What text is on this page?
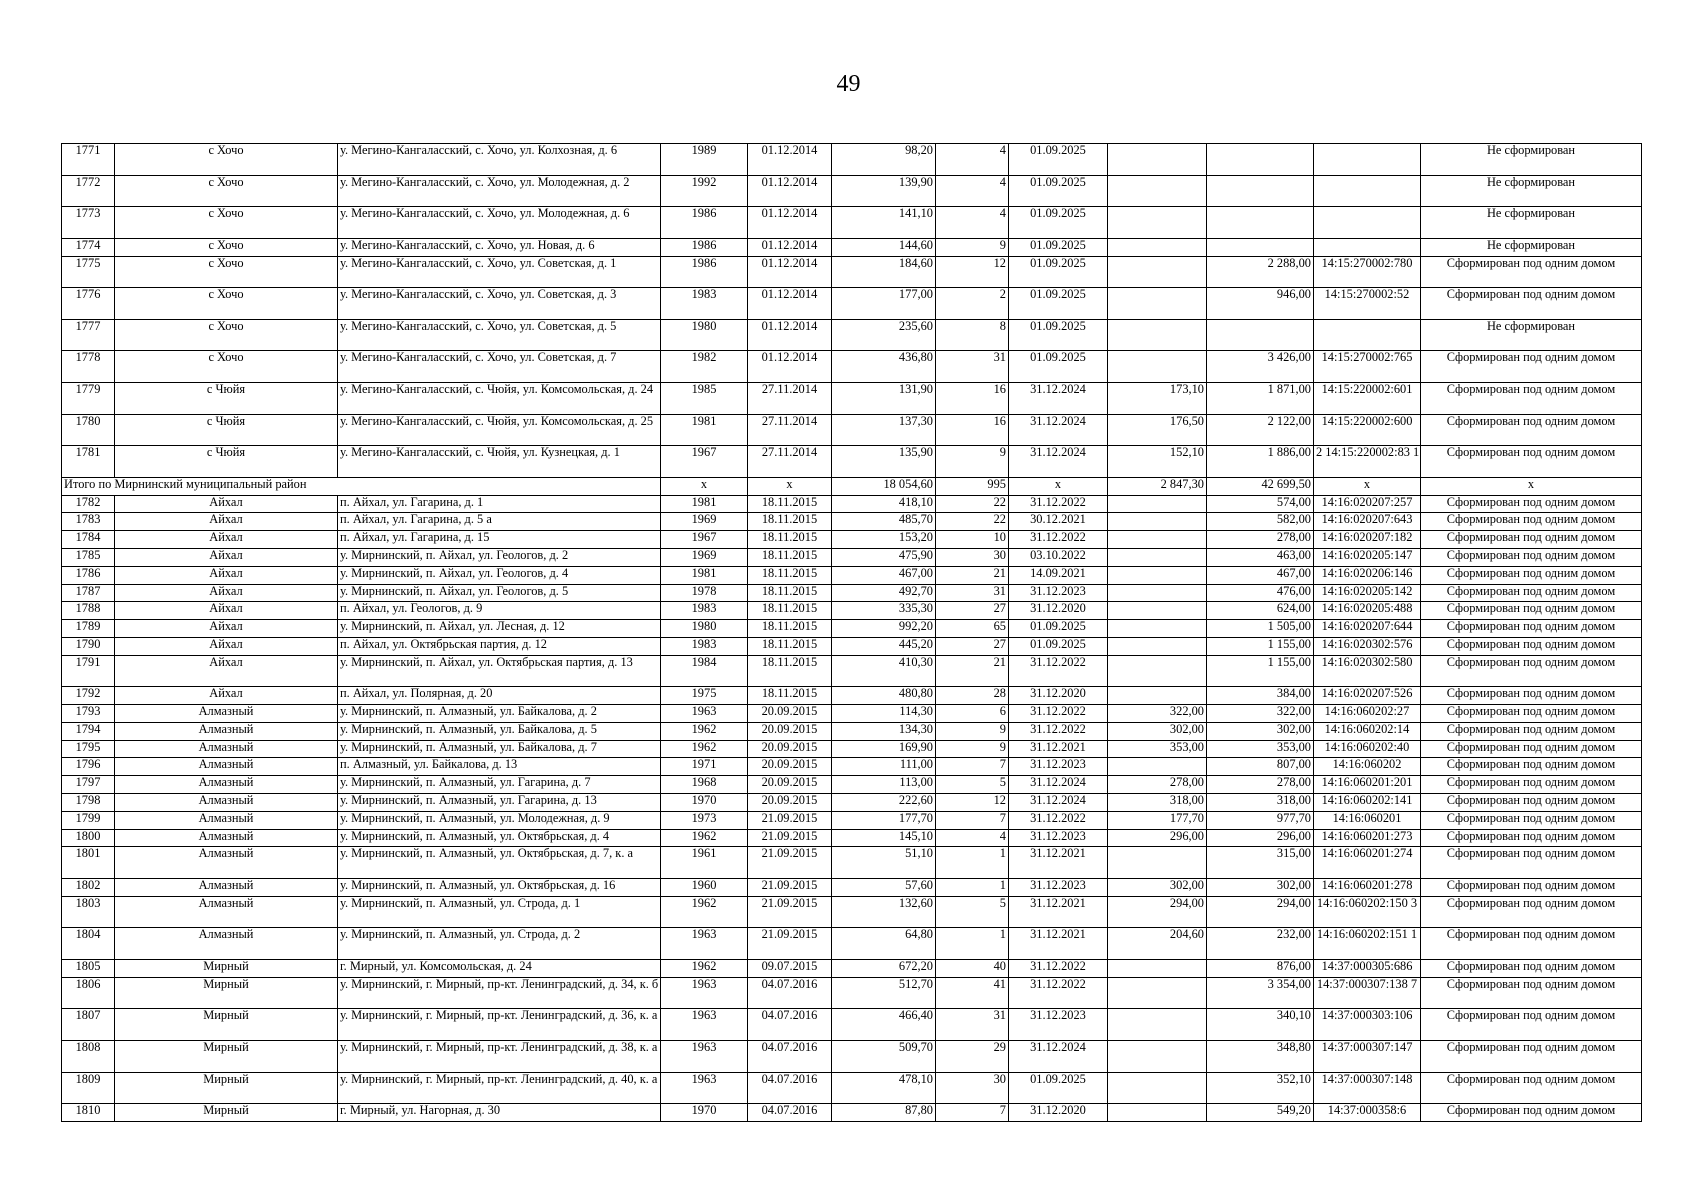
49
1771	с Хочо	у. Мегино-Кангаласский, с. Хочо, ул. Колхозная, д. 6	1989	01.12.2014	98,20	4	01.09.2025				Не сформирован
1772	с Хочо	у. Мегино-Кангаласский, с. Хочо, ул. Молодежная, д. 2	1992	01.12.2014	139,90	4	01.09.2025				Не сформирован
1773	с Хочо	у. Мегино-Кангаласский, с. Хочо, ул. Молодежная, д. 6	1986	01.12.2014	141,10	4	01.09.2025				Не сформирован
1774	с Хочо	у. Мегино-Кангаласский, с. Хочо, ул. Новая, д. 6	1986	01.12.2014	144,60	9	01.09.2025				Не сформирован
1775	с Хочо	у. Мегино-Кангаласский, с. Хочо, ул. Советская, д. 1	1986	01.12.2014	184,60	12	01.09.2025		2 288,00	14:15:270002:780	Сформирован под одним домом
1776	с Хочо	у. Мегино-Кангаласский, с. Хочо, ул. Советская, д. 3	1983	01.12.2014	177,00	2	01.09.2025		946,00	14:15:270002:52	Сформирован под одним домом
1777	с Хочо	у. Мегино-Кангаласский, с. Хочо, ул. Советская, д. 5	1980	01.12.2014	235,60	8	01.09.2025				Не сформирован
1778	с Хочо	у. Мегино-Кангаласский, с. Хочо, ул. Советская, д. 7	1982	01.12.2014	436,80	31	01.09.2025		3 426,00	14:15:270002:765	Сформирован под одним домом
1779	с Чюйя	у. Мегино-Кангаласский, с. Чюйя, ул. Комсомольская, д. 24	1985	27.11.2014	131,90	16	31.12.2024	173,10	1 871,00	14:15:220002:601	Сформирован под одним домом
1780	с Чюйя	у. Мегино-Кангаласский, с. Чюйя, ул. Комсомольская, д. 25	1981	27.11.2014	137,30	16	31.12.2024	176,50	2 122,00	14:15:220002:600	Сформирован под одним домом
1781	с Чюйя	у. Мегино-Кангаласский, с. Чюйя, ул. Кузнецкая, д. 1	1967	27.11.2014	135,90	9	31.12.2024	152,10	1 886,00	2 14:15:220002:83 1	Сформирован под одним домом
Итого по Мирнинский муниципальный район			х	х	18 054,60	995	х	2 847,30	42 699,50	х	х
1782	Айхал	п. Айхал, ул. Гагарина, д. 1	1981	18.11.2015	418,10	22	31.12.2022		574,00	14:16:020207:257	Сформирован под одним домом
1783	Айхал	п. Айхал, ул. Гагарина, д. 5 а	1969	18.11.2015	485,70	22	30.12.2021		582,00	14:16:020207:643	Сформирован под одним домом
1784	Айхал	п. Айхал, ул. Гагарина, д. 15	1967	18.11.2015	153,20	10	31.12.2022		278,00	14:16:020207:182	Сформирован под одним домом
1785	Айхал	у. Мирнинский, п. Айхал, ул. Геологов, д. 2	1969	18.11.2015	475,90	30	03.10.2022		463,00	14:16:020205:147	Сформирован под одним домом
1786	Айхал	у. Мирнинский, п. Айхал, ул. Геологов, д. 4	1981	18.11.2015	467,00	21	14.09.2021		467,00	14:16:020206:146	Сформирован под одним домом
1787	Айхал	у. Мирнинский, п. Айхал, ул. Геологов, д. 5	1978	18.11.2015	492,70	31	31.12.2023		476,00	14:16:020205:142	Сформирован под одним домом
1788	Айхал	п. Айхал, ул. Геологов, д. 9	1983	18.11.2015	335,30	27	31.12.2020		624,00	14:16:020205:488	Сформирован под одним домом
1789	Айхал	у. Мирнинский, п. Айхал, ул. Лесная, д. 12	1980	18.11.2015	992,20	65	01.09.2025		1 505,00	14:16:020207:644	Сформирован под одним домом
1790	Айхал	п. Айхал, ул. Октябрьская партия, д. 12	1983	18.11.2015	445,20	27	01.09.2025		1 155,00	14:16:020302:576	Сформирован под одним домом
1791	Айхал	у. Мирнинский, п. Айхал, ул. Октябрьская партия, д. 13	1984	18.11.2015	410,30	21	31.12.2022		1 155,00	14:16:020302:580	Сформирован под одним домом
1792	Айхал	п. Айхал, ул. Полярная, д. 20	1975	18.11.2015	480,80	28	31.12.2020		384,00	14:16:020207:526	Сформирован под одним домом
1793	Алмазный	у. Мирнинский, п. Алмазный, ул. Байкалова, д. 2	1963	20.09.2015	114,30	6	31.12.2022	322,00	322,00	14:16:060202:27	Сформирован под одним домом
1794	Алмазный	у. Мирнинский, п. Алмазный, ул. Байкалова, д. 5	1962	20.09.2015	134,30	9	31.12.2022	302,00	302,00	14:16:060202:14	Сформирован под одним домом
1795	Алмазный	у. Мирнинский, п. Алмазный, ул. Байкалова, д. 7	1962	20.09.2015	169,90	9	31.12.2021	353,00	353,00	14:16:060202:40	Сформирован под одним домом
1796	Алмазный	п. Алмазный, ул. Байкалова, д. 13	1971	20.09.2015	111,00	7	31.12.2023		807,00	14:16:060202	Сформирован под одним домом
1797	Алмазный	у. Мирнинский, п. Алмазный, ул. Гагарина, д. 7	1968	20.09.2015	113,00	5	31.12.2024	278,00	278,00	14:16:060201:201	Сформирован под одним домом
1798	Алмазный	у. Мирнинский, п. Алмазный, ул. Гагарина, д. 13	1970	20.09.2015	222,60	12	31.12.2024	318,00	318,00	14:16:060202:141	Сформирован под одним домом
1799	Алмазный	у. Мирнинский, п. Алмазный, ул. Молодежная, д. 9	1973	21.09.2015	177,70	7	31.12.2022	177,70	977,70	14:16:060201	Сформирован под одним домом
1800	Алмазный	у. Мирнинский, п. Алмазный, ул. Октябрьская, д. 4	1962	21.09.2015	145,10	4	31.12.2023	296,00	296,00	14:16:060201:273	Сформирован под одним домом
1801	Алмазный	у. Мирнинский, п. Алмазный, ул. Октябрьская, д. 7, к. а	1961	21.09.2015	51,10	1	31.12.2021		315,00	14:16:060201:274	Сформирован под одним домом
1802	Алмазный	у. Мирнинский, п. Алмазный, ул. Октябрьская, д. 16	1960	21.09.2015	57,60	1	31.12.2023	302,00	302,00	14:16:060201:278	Сформирован под одним домом
1803	Алмазный	у. Мирнинский, п. Алмазный, ул. Строда, д. 1	1962	21.09.2015	132,60	5	31.12.2021	294,00	294,00	14:16:060202:150 3	Сформирован под одним домом
1804	Алмазный	у. Мирнинский, п. Алмазный, ул. Строда, д. 2	1963	21.09.2015	64,80	1	31.12.2021	204,60	232,00	14:16:060202:151 1	Сформирован под одним домом
1805	Мирный	г. Мирный, ул. Комсомольская, д. 24	1962	09.07.2015	672,20	40	31.12.2022		876,00	14:37:000305:686	Сформирован под одним домом
1806	Мирный	у. Мирнинский, г. Мирный, пр-кт. Ленинградский, д. 34, к. б	1963	04.07.2016	512,70	41	31.12.2022		3 354,00	14:37:000307:138 7	Сформирован под одним домом
1807	Мирный	у. Мирнинский, г. Мирный, пр-кт. Ленинградский, д. 36, к. а	1963	04.07.2016	466,40	31	31.12.2023		340,10	14:37:000303:106	Сформирован под одним домом
1808	Мирный	у. Мирнинский, г. Мирный, пр-кт. Ленинградский, д. 38, к. а	1963	04.07.2016	509,70	29	31.12.2024		348,80	14:37:000307:147	Сформирован под одним домом
1809	Мирный	у. Мирнинский, г. Мирный, пр-кт. Ленинградский, д. 40, к. а	1963	04.07.2016	478,10	30	01.09.2025		352,10	14:37:000307:148	Сформирован под одним домом
1810	Мирный	г. Мирный, ул. Нагорная, д. 30	1970	04.07.2016	87,80	7	31.12.2020		549,20	14:37:000358:6	Сформирован под одним домом
